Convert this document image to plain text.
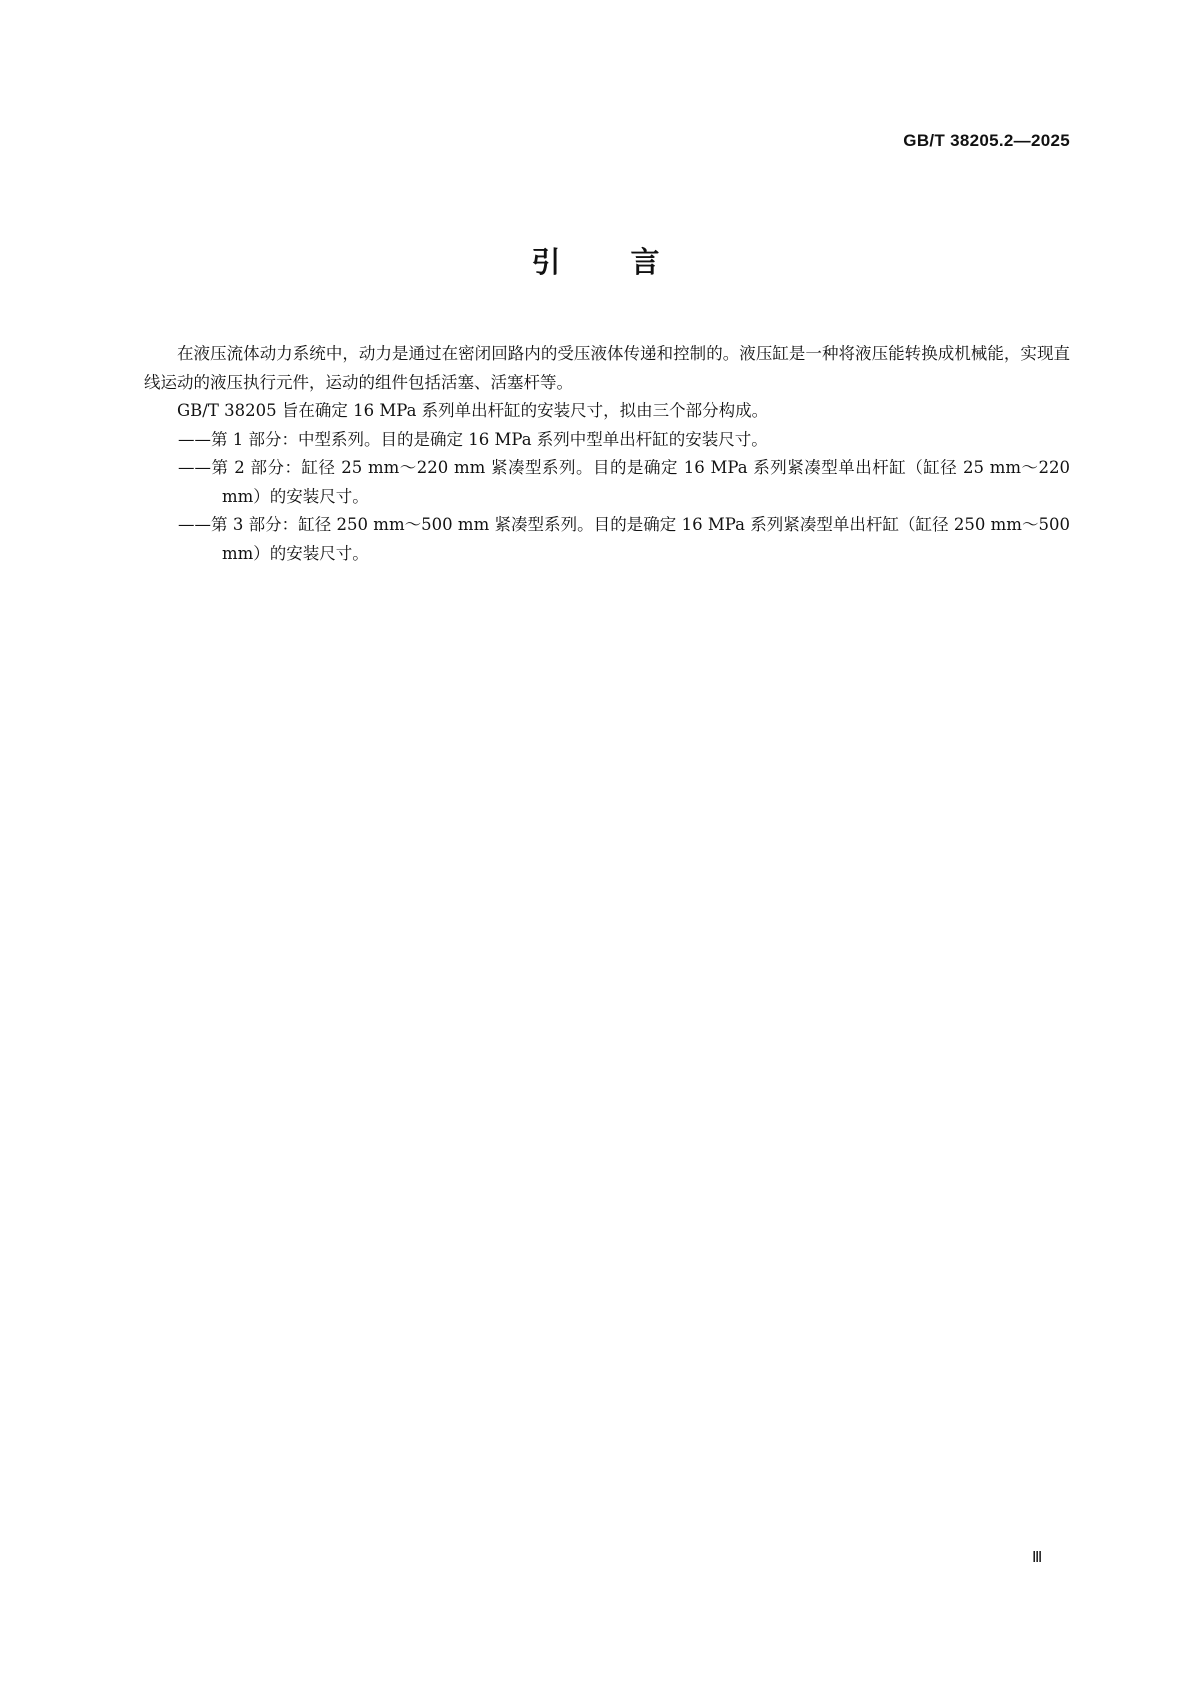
GB/T 38205.2—2025
引 言

在液压流体动力系统中，动力是通过在密闭回路内的受压液体传递和控制的。液压缸是一种将液压能转换成机械能，实现直线运动的液压执行元件，运动的组件包括活塞、活塞杆等。

GB/T 38205 旨在确定 16 MPa 系列单出杆缸的安装尺寸，拟由三个部分构成。

——第 1 部分：中型系列。目的是确定 16 MPa 系列中型单出杆缸的安装尺寸。

——第 2 部分：缸径 25 mm～220 mm 紧凑型系列。目的是确定 16 MPa 系列紧凑型单出杆缸（缸径 25 mm～220 mm）的安装尺寸。

——第 3 部分：缸径 250 mm～500 mm 紧凑型系列。目的是确定 16 MPa 系列紧凑型单出杆缸（缸径 250 mm～500 mm）的安装尺寸。

Ⅲ
